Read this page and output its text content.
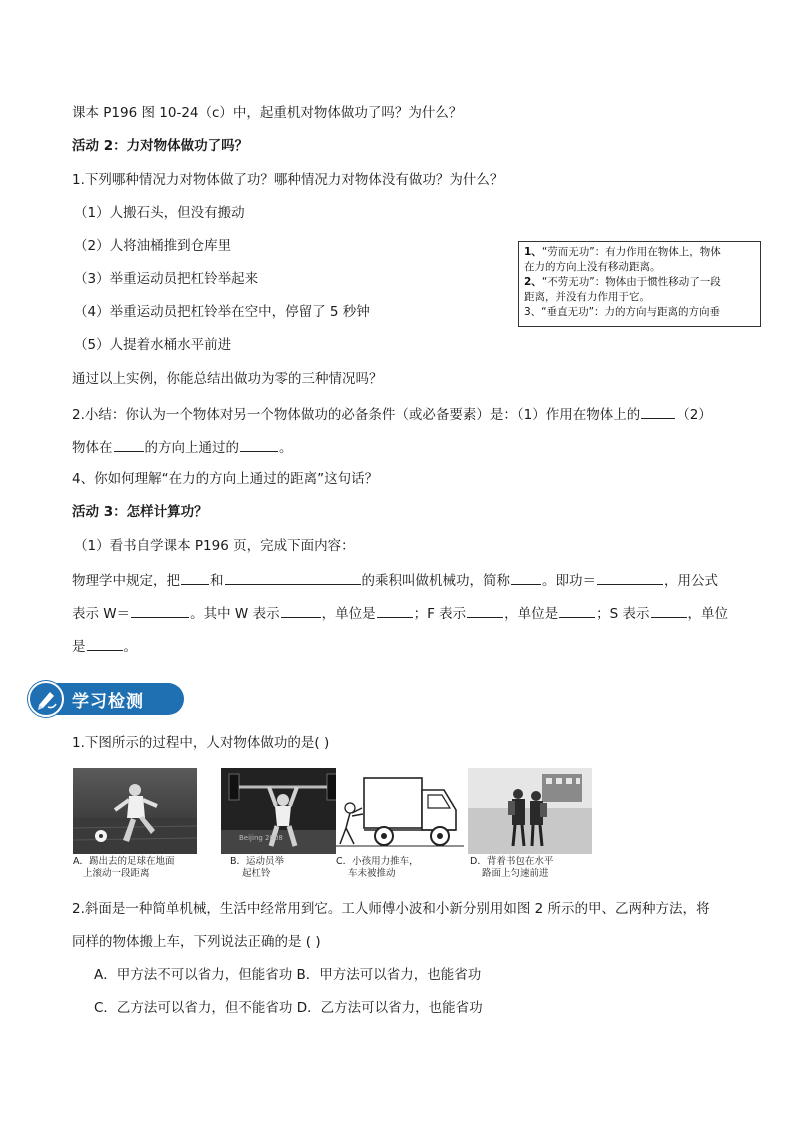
课本 P196 图 10-24（c）中，起重机对物体做功了吗？为什么？
活动 2：力对物体做功了吗？
1.下列哪种情况力对物体做了功？哪种情况力对物体没有做功？为什么？
（1）人搬石头，但没有搬动
（2）人将油桶推到仓库里
（3）举重运动员把杠铃举起来
（4）举重运动员把杠铃举在空中，停留了 5 秒钟
（5）人提着水桶水平前进
1、“劳而无功”：有力作用在物体上，物体
在力的方向上没有移动距离。
2、“不劳无功”：物体由于惯性移动了一段
距离，并没有力作用于它。
3、“垂直无功”：力的方向与距离的方向垂
通过以上实例，你能总结出做功为零的三种情况吗？
2.小结：你认为一个物体对另一个物体做功的必备条件（或必备要素）是：（1）作用在物体上的	（2）
物体在 的方向上通过的	。
4、你如何理解“在力的方向上通过的距离”这句话？
活动 3：怎样计算功？
（1）看书自学课本 P196 页，完成下面内容：
物理学中规定，把 和	的乘积叫做机械功，简称 。即功＝	，用公式
表示 W＝	。其中 W 表示	，单位是	；F 表示	，单位是	；S 表示	，单位
是	。
学习检测
1.下图所示的过程中，人对物体做功的是( )
A．踢出去的足球在地面
上滚动一段距离
Beijing 2008
B．运动员举
起杠铃
C．小孩用力推车，
车未被推动
D．背着书包在水平
路面上匀速前进
2.斜面是一种简单机械，生活中经常用到它。工人师傅小波和小新分别用如图 2 所示的甲、乙两种方法，将
同样的物体搬上车，下列说法正确的是 ( )
A．甲方法不可以省力，但能省功 B．甲方法可以省力，也能省功
C．乙方法可以省力，但不能省功 D．乙方法可以省力，也能省功
